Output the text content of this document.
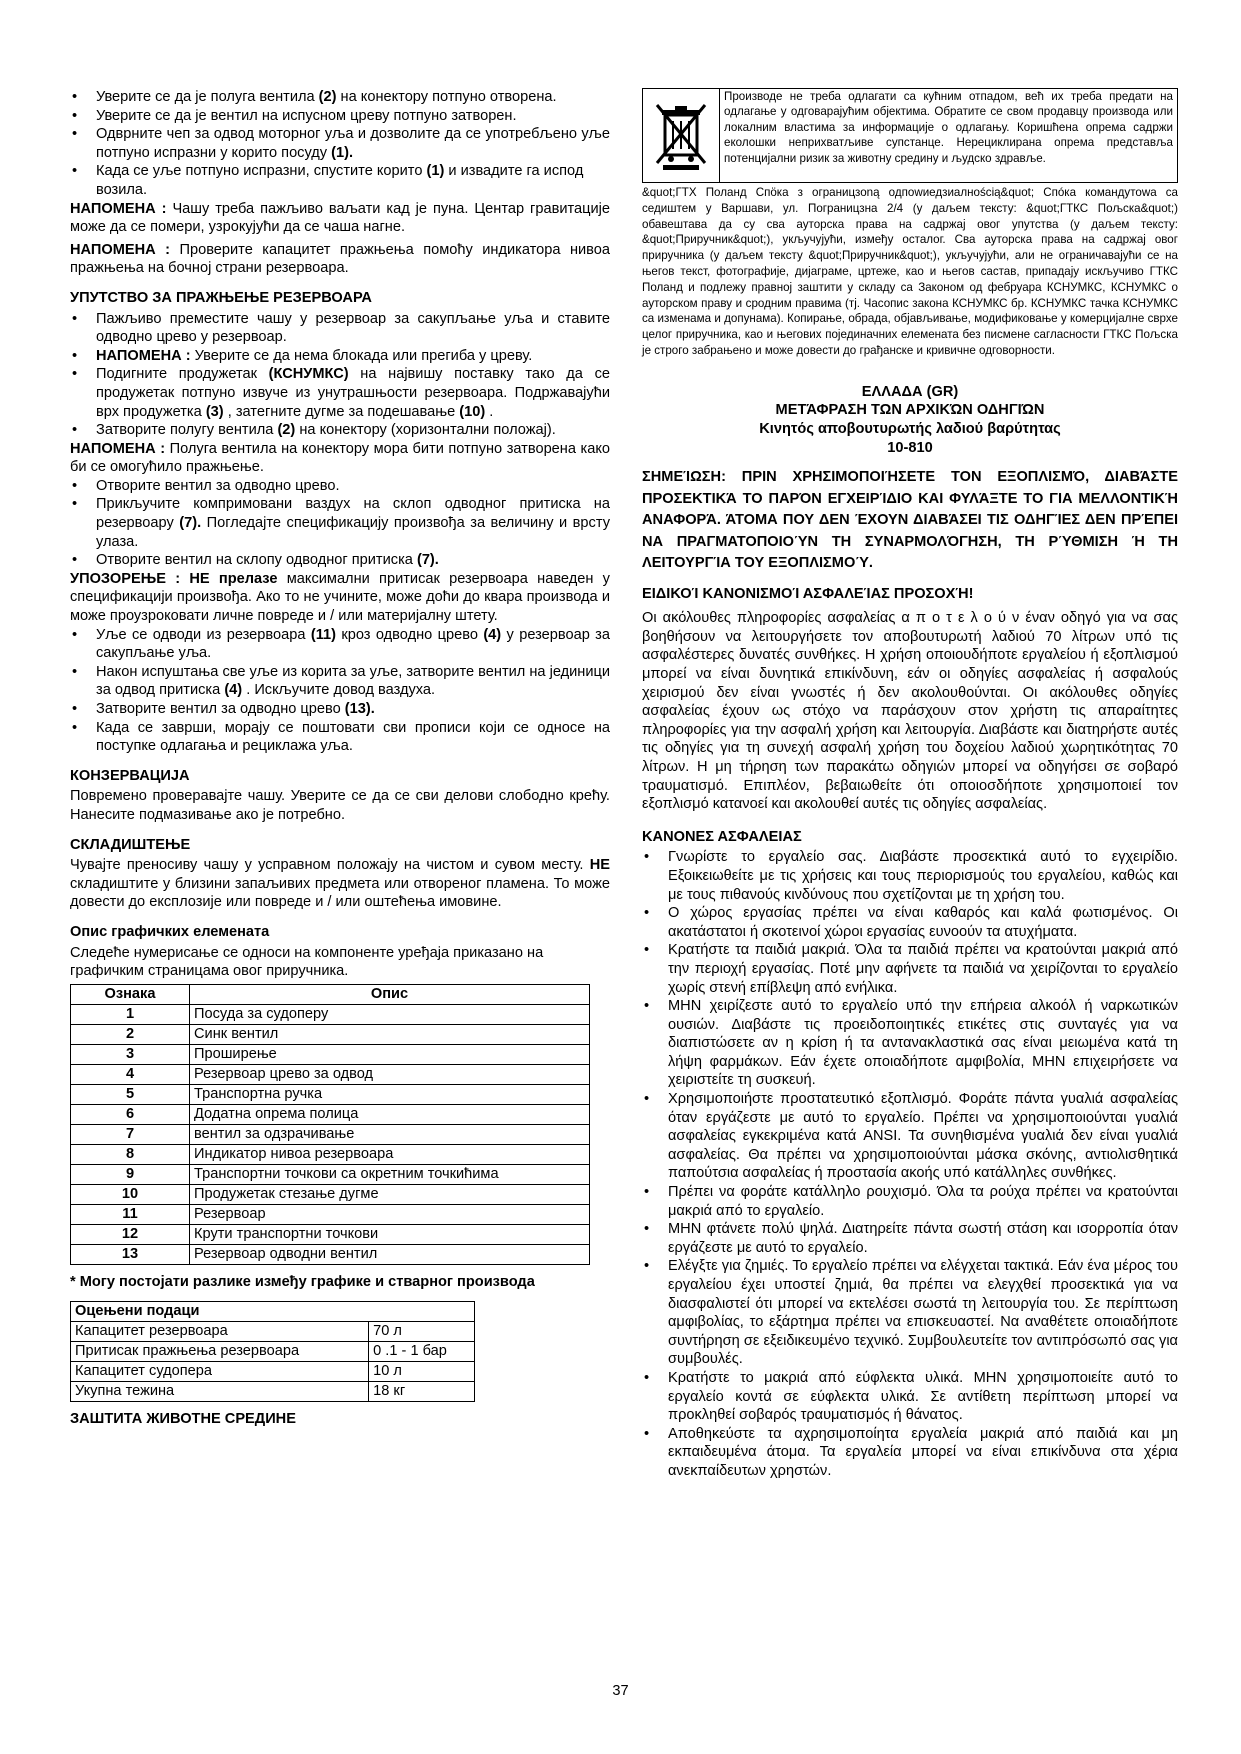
• Уверите се да је полуга вентила (2) на конектору потпуно отворена.
• Уверите се да је вентил на испусном цреву потпуно затворен.
• Одврните чеп за одвод моторног уља и дозволите да се употребљено уље потпуно испразни у корито посуду (1).
• Када се уље потпуно испразни, спустите корито (1) и извадите га испод возила.

НАПОМЕНА : Чашу треба пажљиво ваљати кад је пуна. Центар гравитације може да се помери, узрокујући да се чаша нагне.

НАПОМЕНА : Проверите капацитет пражњења помоћу индикатора нивоа пражњења на бочној страни резервоара.

УПУТСТВО ЗА ПРАЖЊЕЊЕ РЕЗЕРВОАРА

• Пажљиво преместите чашу у резервоар за сакупљање уља и ставите одводно црево у резервоар.
• НАПОМЕНА : Уверите се да нема блокада или прегиба у цреву.
• Подигните продужетак (КСНУМКС) на највишу поставку тако да се продужетак потпуно извуче из унутрашњости резервоара. Подржавајући врх продужетка (3) , затегните дугме за подешавање (10) .
• Затворите полугу вентила (2) на конектору (хоризонтални положај).

НАПОМЕНА : Полуга вентила на конектору мора бити потпуно затворена како би се омогућило пражњење.

• Отворите вентил за одводно црево.
• Прикључите компримовани ваздух на склоп одводног притиска на резервоару (7). Погледајте спецификацију произвођа за величину и врсту улаза.
• Отворите вентил на склопу одводног притиска (7).

УПОЗОРЕЊЕ : НЕ прелазе максимални притисак резервоара наведен у спецификацији произвођа. Ако то не учините, може доћи до квара производа и може проузроковати личне повреде и / или материјалну штету.

• Уље се одводи из резервоара (11) кроз одводно црево (4) у резервоар за сакупљање уља.
• Након испуштања све уље из корита за уље, затворите вентил на јединици за одвод притиска (4) . Искључите довод ваздуха.
• Затворите вентил за одводно црево (13).
• Када се заврши, морају се поштовати сви прописи који се односе на поступке одлагања и рециклажа уља.

КОНЗЕРВАЦИЈА

Повремено проверавајте чашу. Уверите се да се сви делови слободно крећу. Нанесите подмазивање ако је потребно.

СКЛАДИШТЕЊЕ

Чувајте преносиву чашу у усправном положају на чистом и сувом месту. НЕ складиштите у близини запаљивих предмета или отвореног пламена. То може довести до експлозије или повреде и / или оштећења имовине.

Опис графичких елемената

Следеће нумерисање се односи на компоненте уређаја приказано на графичким страницама овог приручника.

Ознака	Опис
1	Посуда за судоперу
2	Синк вентил
3	Проширење
4	Резервоар црево за одвод
5	Транспортна ручка
6	Додатна опрема полица
7	вентил за одзрачивање
8	Индикатор нивоа резервоара
9	Транспортни точкови са окретним точкићима
10	Продужетак стезање дугме
11	Резервоар
12	Крути транспортни точкови
13	Резервоар одводни вентил

* Могу постојати разлике између графике и стварног производа

Оцењени подаци	
Капацитет резервоара	70 л
Притисак пражњења резервоара	0 .1 - 1 бар
Капацитет судопера	10 л
Укупна тежина	18 кг

ЗАШТИТА ЖИВОТНЕ СРЕДИНЕ

Производе не треба одлагати са кућним отпадом, већ их треба предати на одлагање у одговарајућим објектима. Обратите се свом продавцу производа или локалним властима за информације о одлагању. Коришћена опрема садржи еколошки неприхватљиве супстанце. Нерециклирана опрема представља потенцијални ризик за животну средину и људско здравље.

&quot;ГТХ Поланд Спӧка з ограницзоną одпowиедзиалнością&quot; Спóка командутоwа са седиштем у Варшави, ул. Пограницзна 2/4 (у даљем тексту: &quot;ГТКС Пољска&quot;) обавештава да су сва ауторска права на садржај овог упутства (у даљем тексту: &quot;Приручник&quot;), укључујући, између осталог. Сва ауторска права на садржај овог приручника (у даљем тексту &quot;Приручник&quot;), укључујући, али не ограничавајући се на његов текст, фотографије, дијаграме, цртеже, као и његов састав, припадају искључиво ГТКС Поланд и подлежу правној заштити у складу са Законом од фебруара КСНУМКС, КСНУМКС о ауторском праву и сродним правима (тј. Часопис закона КСНУМКС бр. КСНУМКС тачка КСНУМКС са изменама и допунама). Копирање, обрада, објављивање, модификовање у комерцијалне сврхе целог приручника, као и његових појединачних елемената без писмене сагласности ГТКС Пољска је строго забрањено и може довести до грађанске и кривичне одговорности.

ΕΛΛΑΔΑ (GR)
ΜΕΤΆΦΡΑΣΗ ΤΩΝ ΑΡΧΙΚΏΝ ΟΔΗΓΙΏΝ
Κινητός αποβουτυρωτής λαδιού βαρύτητας
10-810

ΣΗΜΕΊΩΣΗ: ΠΡΙΝ ΧΡΗΣΙΜΟΠΟΙΉΣΕΤΕ ΤΟΝ ΕΞΟΠΛΙΣΜΌ, ΔΙΑΒΆΣΤΕ ΠΡΟΣΕΚΤΙΚΆ ΤΟ ΠΑΡΌΝ ΕΓΧΕΙΡΊΔΙΟ ΚΑΙ ΦΥΛΆΞΤΕ ΤΟ ΓΙΑ ΜΕΛΛΟΝΤΙΚΉ ΑΝΑΦΟΡΆ. ΆΤΟΜΑ ΠΟΥ ΔΕΝ ΈΧΟΥΝ ΔΙΑΒΆΣΕΙ ΤΙΣ ΟΔΗΓΊΕΣ ΔΕΝ ΠΡΈΠΕΙ ΝΑ ΠΡΑΓΜΑΤΟΠΟΙΟΎΝ ΤΗ ΣΥΝΑΡΜΟΛΌΓΗΣΗ, ΤΗ ΡΎΘΜΙΣΗ Ή ΤΗ ΛΕΙΤΟΥΡΓΊΑ ΤΟΥ ΕΞΟΠΛΙΣΜΟΎ.

ΕΙΔΙΚΟΊ ΚΑΝΟΝΙΣΜΟΊ ΑΣΦΑΛΕΊΑΣ ΠΡΟΣΟΧΉ!

Οι ακόλουθες πληροφορίες ασφαλείας α π ο τ ε λ ο ύ ν έναν οδηγό για να σας βοηθήσουν να λειτουργήσετε τον αποβουτυρωτή λαδιού 70 λίτρων υπό τις ασφαλέστερες δυνατές συνθήκες. Η χρήση οποιουδήποτε εργαλείου ή εξοπλισμού μπορεί να είναι δυνητικά επικίνδυνη, εάν οι οδηγίες ασφαλείας ή ασφαλούς χειρισμού δεν είναι γνωστές ή δεν ακολουθούνται. Οι ακόλουθες οδηγίες ασφαλείας έχουν ως στόχο να παράσχουν στον χρήστη τις απαραίτητες πληροφορίες για την ασφαλή χρήση και λειτουργία. Διαβάστε και διατηρήστε αυτές τις οδηγίες για τη συνεχή ασφαλή χρήση του δοχείου λαδιού χωρητικότητας 70 λίτρων. Η μη τήρηση των παρακάτω οδηγιών μπορεί να οδηγήσει σε σοβαρό τραυματισμό. Επιπλέον, βεβαιωθείτε ότι οποιοσδήποτε χρησιμοποιεί τον εξοπλισμό κατανοεί και ακολουθεί αυτές τις οδηγίες ασφαλείας.

ΚΑΝΟΝΕΣ ΑΣΦΑΛΕΙΑΣ

• Γνωρίστε το εργαλείο σας. Διαβάστε προσεκτικά αυτό το εγχειρίδιο. Εξοικειωθείτε με τις χρήσεις και τους περιορισμούς του εργαλείου, καθώς και με τους πιθανούς κινδύνους που σχετίζονται με τη χρήση του.
• Ο χώρος εργασίας πρέπει να είναι καθαρός και καλά φωτισμένος. Οι ακατάστατοι ή σκοτεινοί χώροι εργασίας ευνοούν τα ατυχήματα.
• Κρατήστε τα παιδιά μακριά. Όλα τα παιδιά πρέπει να κρατούνται μακριά από την περιοχή εργασίας. Ποτέ μην αφήνετε τα παιδιά να χειρίζονται το εργαλείο χωρίς στενή επίβλεψη από ενήλικα.
• ΜΗΝ χειρίζεστε αυτό το εργαλείο υπό την επήρεια αλκοόλ ή ναρκωτικών ουσιών. Διαβάστε τις προειδοποιητικές ετικέτες στις συνταγές για να διαπιστώσετε αν η κρίση ή τα αντανακλαστικά σας είναι μειωμένα κατά τη λήψη φαρμάκων. Εάν έχετε οποιαδήποτε αμφιβολία, ΜΗΝ επιχειρήσετε να χειριστείτε τη συσκευή.
• Χρησιμοποιήστε προστατευτικό εξοπλισμό. Φοράτε πάντα γυαλιά ασφαλείας όταν εργάζεστε με αυτό το εργαλείο. Πρέπει να χρησιμοποιούνται γυαλιά ασφαλείας εγκεκριμένα κατά ANSI. Τα συνηθισμένα γυαλιά δεν είναι γυαλιά ασφαλείας. Θα πρέπει να χρησιμοποιούνται μάσκα σκόνης, αντιολισθητικά παπούτσια ασφαλείας ή προστασία ακοής υπό κατάλληλες συνθήκες.
• Πρέπει να φοράτε κατάλληλο ρουχισμό. Όλα τα ρούχα πρέπει να κρατούνται μακριά από το εργαλείο.
• ΜΗΝ φτάνετε πολύ ψηλά. Διατηρείτε πάντα σωστή στάση και ισορροπία όταν εργάζεστε με αυτό το εργαλείο.
• Ελέγξτε για ζημιές. Το εργαλείο πρέπει να ελέγχεται τακτικά. Εάν ένα μέρος του εργαλείου έχει υποστεί ζημιά, θα πρέπει να ελεγχθεί προσεκτικά για να διασφαλιστεί ότι μπορεί να εκτελέσει σωστά τη λειτουργία του. Σε περίπτωση αμφιβολίας, το εξάρτημα πρέπει να επισκευαστεί. Να αναθέτετε οποιαδήποτε συντήρηση σε εξειδικευμένο τεχνικό. Συμβουλευτείτε τον αντιπρόσωπό σας για συμβουλές.
• Κρατήστε το μακριά από εύφλεκτα υλικά. ΜΗΝ χρησιμοποιείτε αυτό το εργαλείο κοντά σε εύφλεκτα υλικά. Σε αντίθετη περίπτωση μπορεί να προκληθεί σοβαρός τραυματισμός ή θάνατος.
• Αποθηκεύστε τα αχρησιμοποίητα εργαλεία μακριά από παιδιά και μη εκπαιδευμένα άτομα. Τα εργαλεία μπορεί να είναι επικίνδυνα στα χέρια ανεκπαίδευτων χρηστών.
37
